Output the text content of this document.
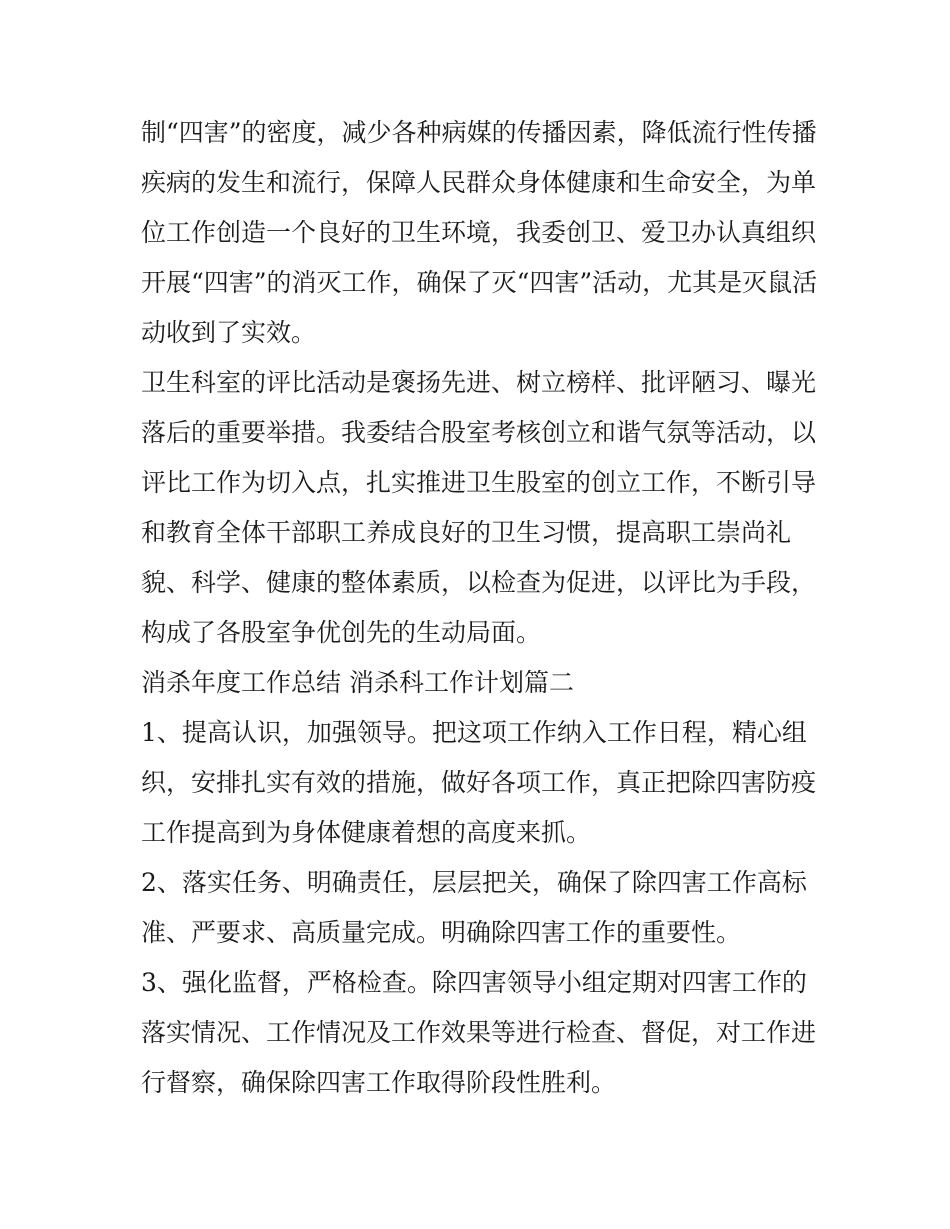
制“四害”的密度，减少各种病媒的传播因素，降低流行性传播
疾病的发生和流行，保障人民群众身体健康和生命安全，为单
位工作创造一个良好的卫生环境，我委创卫、爱卫办认真组织
开展“四害”的消灭工作，确保了灭“四害”活动，尤其是灭鼠活
动收到了实效。
卫生科室的评比活动是褒扬先进、树立榜样、批评陋习、曝光
落后的重要举措。我委结合股室考核创立和谐气氛等活动，以
评比工作为切入点，扎实推进卫生股室的创立工作，不断引导
和教育全体干部职工养成良好的卫生习惯，提高职工崇尚礼
貌、科学、健康的整体素质，以检查为促进，以评比为手段，
构成了各股室争优创先的生动局面。
消杀年度工作总结 消杀科工作计划篇二
1、提高认识，加强领导。把这项工作纳入工作日程，精心组
织，安排扎实有效的措施，做好各项工作，真正把除四害防疫
工作提高到为身体健康着想的高度来抓。
2、落实任务、明确责任，层层把关，确保了除四害工作高标
准、严要求、高质量完成。明确除四害工作的重要性。
3、强化监督，严格检查。除四害领导小组定期对四害工作的
落实情况、工作情况及工作效果等进行检查、督促，对工作进
行督察，确保除四害工作取得阶段性胜利。
